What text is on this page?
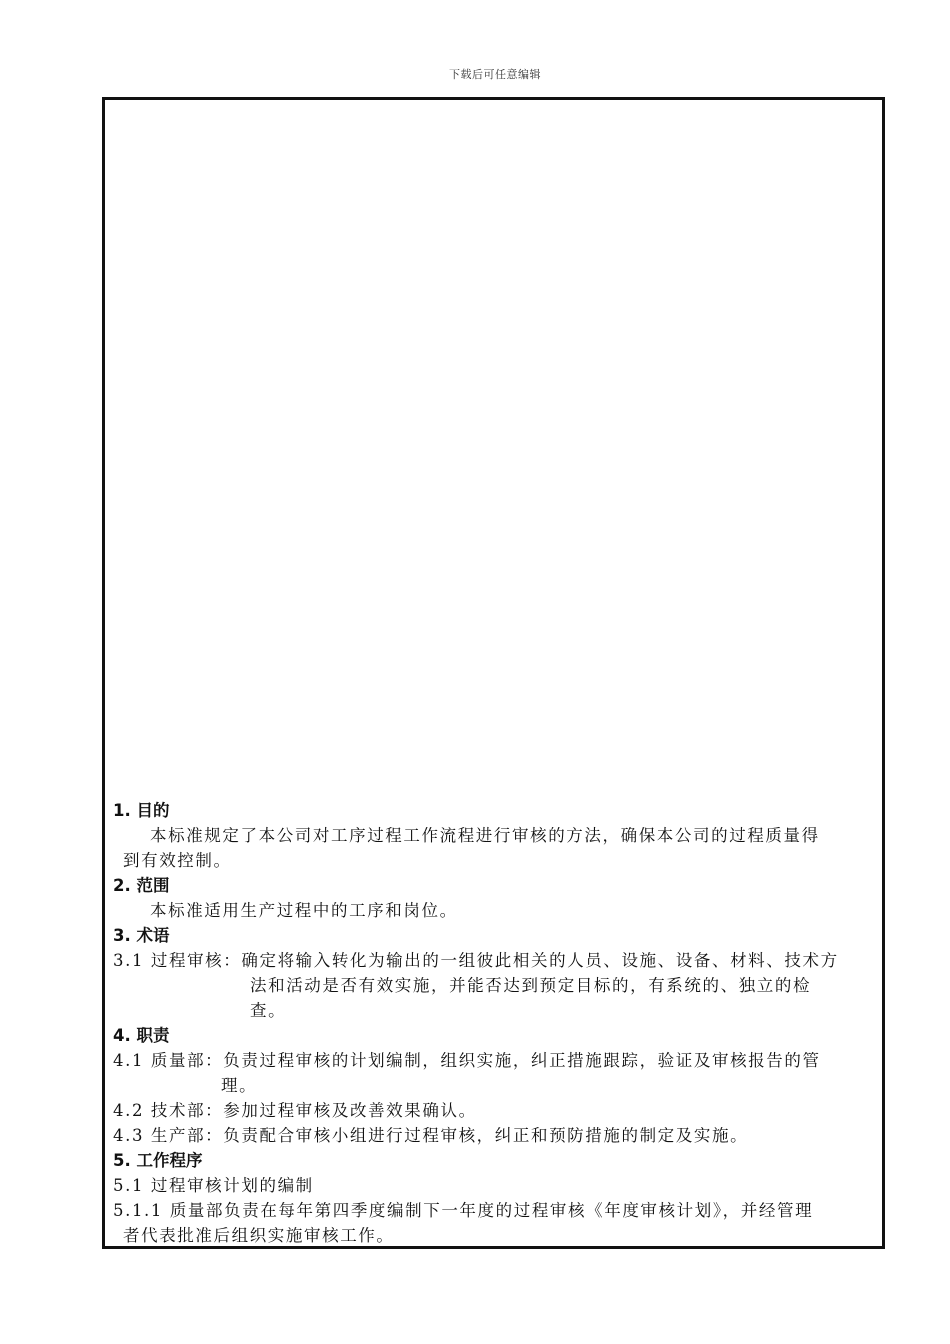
下载后可任意编辑
1. 目的
本标准规定了本公司对工序过程工作流程进行审核的方法，确保本公司的过程质量得
到有效控制。
2. 范围
本标准适用生产过程中的工序和岗位。
3. 术语
3.1 过程审核：确定将输入转化为输出的一组彼此相关的人员、设施、设备、材料、技术方
法和活动是否有效实施，并能否达到预定目标的，有系统的、独立的检
查。
4. 职责
4.1 质量部：负责过程审核的计划编制，组织实施，纠正措施跟踪，验证及审核报告的管
理。
4.2 技术部：参加过程审核及改善效果确认。
4.3 生产部：负责配合审核小组进行过程审核，纠正和预防措施的制定及实施。
5. 工作程序
5.1 过程审核计划的编制
5.1.1 质量部负责在每年第四季度编制下一年度的过程审核《年度审核计划》，并经管理
者代表批准后组织实施审核工作。
